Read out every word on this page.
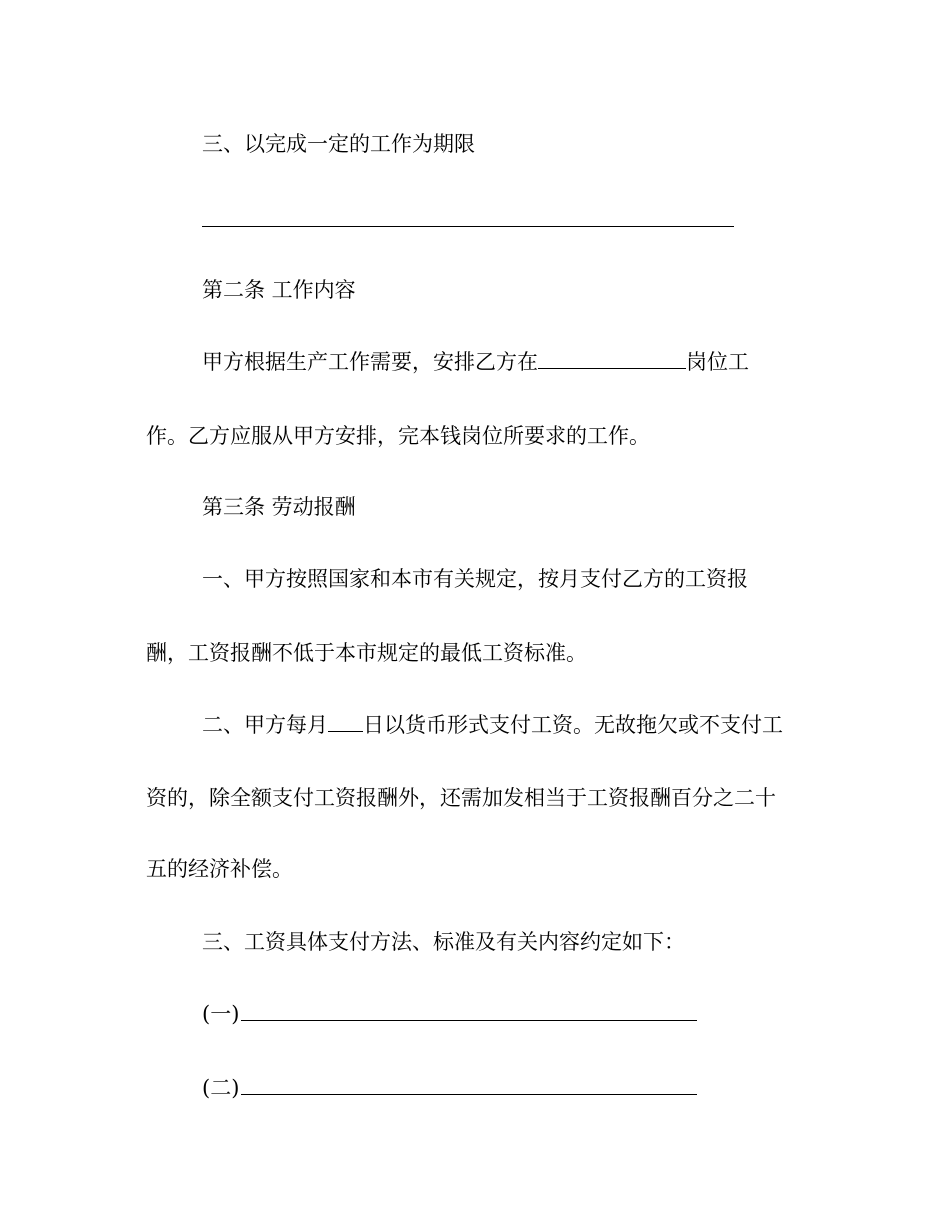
三、以完成一定的工作为期限
第二条 工作内容
甲方根据生产工作需要，安排乙方在	岗位工
作。乙方应服从甲方安排，完本钱岗位所要求的工作。
第三条 劳动报酬
一、甲方按照国家和本市有关规定，按月支付乙方的工资报
酬，工资报酬不低于本市规定的最低工资标准。
二、甲方每月 日以货币形式支付工资。无故拖欠或不支付工
资的，除全额支付工资报酬外，还需加发相当于工资报酬百分之二十
五的经济补偿。
三、工资具体支付方法、标准及有关内容约定如下：
(一)
(二)
